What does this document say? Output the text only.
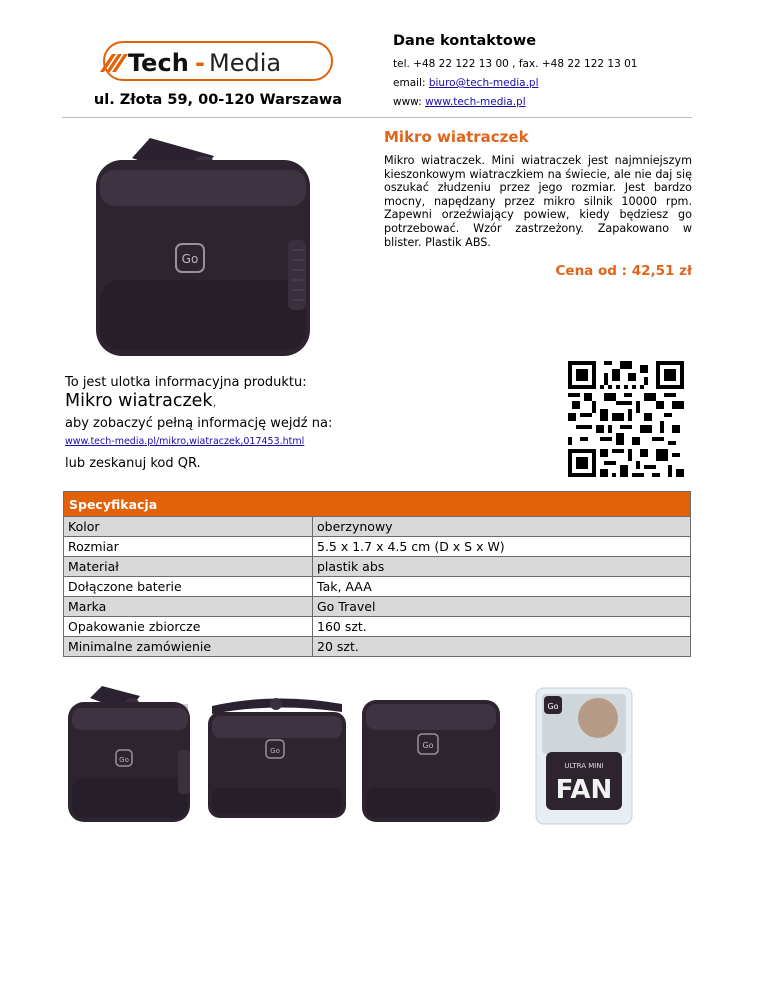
Tech - Media
ul. Złota 59, 00-120 Warszawa
Dane kontaktowe
tel. +48 22 122 13 00 , fax. +48 22 122 13 01
email: biuro@tech-media.pl
www: www.tech-media.pl
Go
Mikro wiatraczek
Mikro wiatraczek. Mini wiatraczek jest najmniejszym kieszonkowym wiatraczkiem na świecie, ale nie daj się oszukać złudzeniu przez jego rozmiar. Jest bardzo mocny, napędzany przez mikro silnik 10000 rpm. Zapewni orzeźwiający powiew, kiedy będziesz go potrzebować. Wzór zastrzeżony. Zapakowano w blister. Plastik ABS.
Cena od : 42,51 zł
To jest ulotka informacyjna produktu:
Mikro wiatraczek,
aby zobaczyć pełną informację wejdź na:
www.tech-media.pl/mikro,wiatraczek,017453.html
lub zeskanuj kod QR.
Specyfikacja	
Kolor	oberzynowy
Rozmiar	5.5 x 1.7 x 4.5 cm (D x S x W)
Materiał	plastik abs
Dołączone baterie	Tak, AAA
Marka	Go Travel
Opakowanie zbiorcze	160 szt.
Minimalne zamówienie	20 szt.
Go
Go
Go
Go
ULTRA MINI
FAN
